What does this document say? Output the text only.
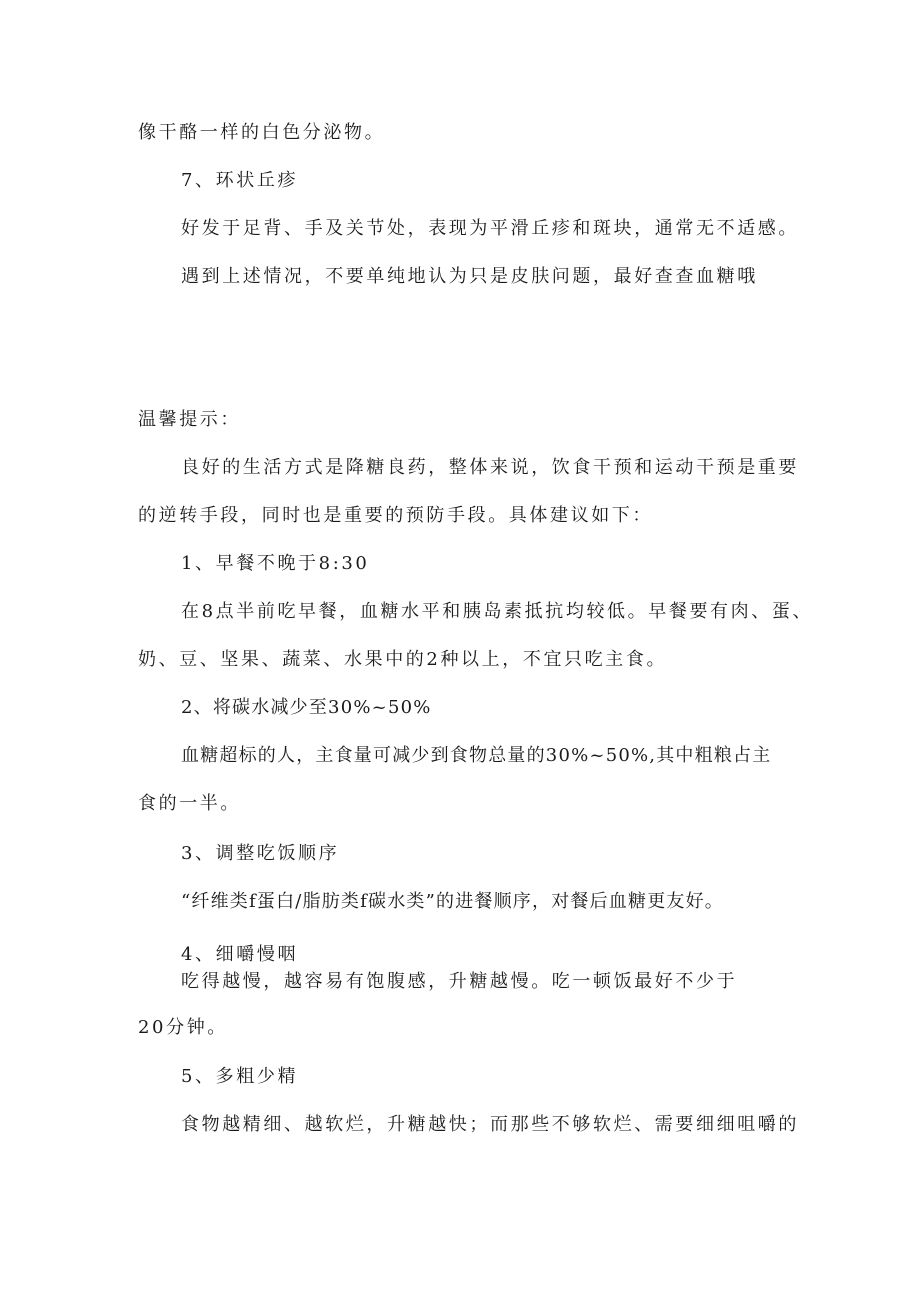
像干酪一样的白色分泌物。
7、环状丘疹
好发于足背、手及关节处，表现为平滑丘疹和斑块，通常无不适感。
遇到上述情况，不要单纯地认为只是皮肤问题，最好查查血糖哦
温馨提示：
良好的生活方式是降糖良药，整体来说，饮食干预和运动干预是重要
的逆转手段，同时也是重要的预防手段。具体建议如下：
1、早餐不晚于8:30
在8点半前吃早餐，血糖水平和胰岛素抵抗均较低。早餐要有肉、蛋、
奶、豆、坚果、蔬菜、水果中的2种以上，不宜只吃主食。
2、将碳水减少至30%~50%
血糖超标的人，主食量可减少到食物总量的30%~50%,其中粗粮占主
食的一半。
3、调整吃饭顺序
“纤维类f蛋白/脂肪类f碳水类”的进餐顺序，对餐后血糖更友好。
4、细嚼慢咽
吃得越慢，越容易有饱腹感，升糖越慢。吃一顿饭最好不少于
20分钟。
5、多粗少精
食物越精细、越软烂，升糖越快；而那些不够软烂、需要细细咀嚼的
